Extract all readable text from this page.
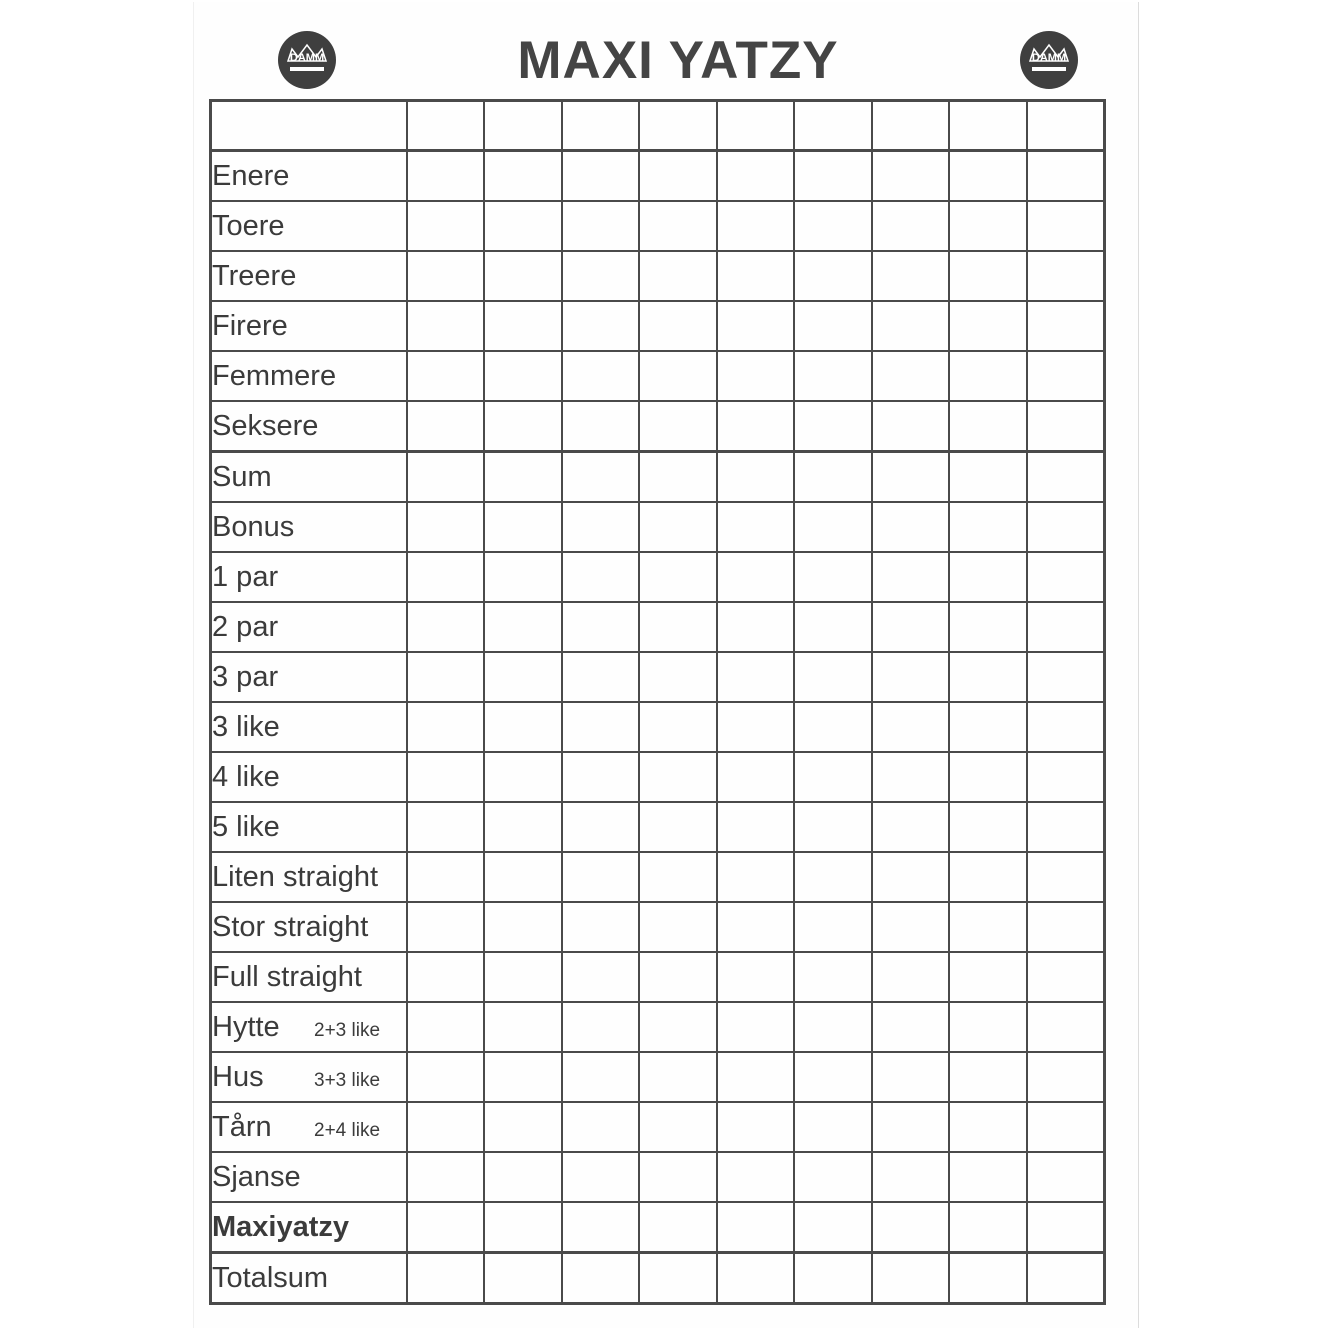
DAMM	MAXI YATZY	DAMM

Enere									
Toere									
Treere									
Firere									
Femmere									
Seksere									
Sum									
Bonus									
1 par									
2 par									
3 par									
3 like									
4 like									
5 like									
Liten straight									
Stor straight									
Full straight									
Hytte 2+3 like									
Hus 3+3 like									
Tårn 2+4 like									
Sjanse									
Maxiyatzy									
Totalsum									
